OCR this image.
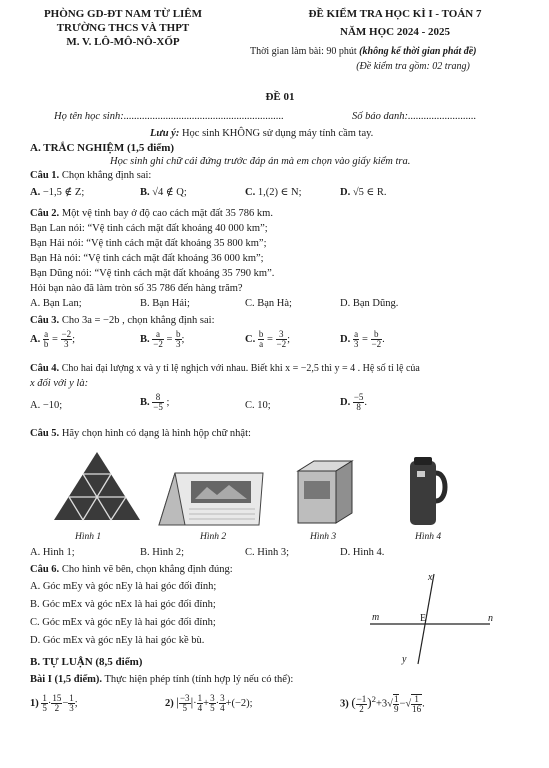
PHÒNG GD-ĐT NAM TỪ LIÊM
TRƯỜNG THCS VÀ THPT
M. V. LÔ-MÔ-NÔ-XỐP
ĐỀ KIỂM TRA HỌC KÌ I - TOÁN 7
NĂM HỌC 2024 - 2025
Thời gian làm bài: 90 phút (không kể thời gian phát đề)
(Đề kiểm tra gồm: 02 trang)
ĐỀ 01
Họ tên học sinh:.............................................................	Số báo danh:..........................
Lưu ý: Học sinh KHÔNG sử dụng máy tính cầm tay.
A. TRẮC NGHIỆM (1,5 điểm)
Học sinh ghi chữ cái đứng trước đáp án mà em chọn vào giấy kiểm tra.
Câu 1. Chọn khẳng định sai:
A. −1,5 ∉ Z;	B. √4 ∉ Q;	C. 1,(2) ∈ N;	D. √5 ∈ R.
Câu 2. Một vệ tinh bay ở độ cao cách mặt đất 35 786 km.
Bạn Lan nói: “Vệ tinh cách mặt đất khoảng 40 000 km”;
Bạn Hải nói: “Vệ tinh cách mặt đất khoảng 35 800 km”;
Bạn Hà nói: “Vệ tinh cách mặt đất khoảng 36 000 km”;
Bạn Dũng nói: “Vệ tinh cách mặt đất khoảng 35 790 km”.
Hỏi bạn nào đã làm tròn số 35 786 đến hàng trăm?
A. Bạn Lan;	B. Bạn Hải;	C. Bạn Hà;	D. Bạn Dũng.
Câu 3. Cho 3a = −2b , chọn khẳng định sai:
A. $\frac{a}{b} = \frac{-2}{3}$ ;	B. $\frac{a}{-2} = \frac{b}{3}$ ;	C. $\frac{b}{a} = \frac{3}{-2}$ ;	D. $\frac{a}{3} = \frac{b}{-2}$ .
Câu 4. Cho hai đại lượng x và y tỉ lệ nghịch với nhau. Biết khi x = −2,5 thì y = 4 . Hệ số tỉ lệ của
x đối với y là:
A. −10;	B. $\frac{8}{-5}$ ;	C. 10;	D. $\frac{-5}{8}$ .
Câu 5. Hãy chọn hình có dạng là hình hộp chữ nhật:
Hình 1	Hình 2	Hình 3	Hình 4
A. Hình 1;	B. Hình 2;	C. Hình 3;	D. Hình 4.
Câu 6. Cho hình vẽ bên, chọn khẳng định đúng:
A. Góc mEy và góc nEy là hai góc đối đỉnh;
B. Góc mEx và góc nEx là hai góc đối đỉnh;
C. Góc mEx và góc nEy là hai góc đối đỉnh;
D. Góc mEx và góc nEy là hai góc kề bù.
x
m	E	n
y
B. TỰ LUẬN (8,5 điểm)
Bài I (1,5 điểm). Thực hiện phép tính (tính hợp lý nếu có thể):
$1) \frac{1}{5} \cdot \frac{15}{2} - \frac{1}{3}$ ;	2) | $\frac{-3}{5}$ |· $\frac{1}{4} + \frac{3}{5} \cdot \frac{3}{4} +(-2)$;	3) ( $\frac{-1}{2} )^2+3√ \frac{1}{9}$ −√ $\frac{1}{16}$ .
